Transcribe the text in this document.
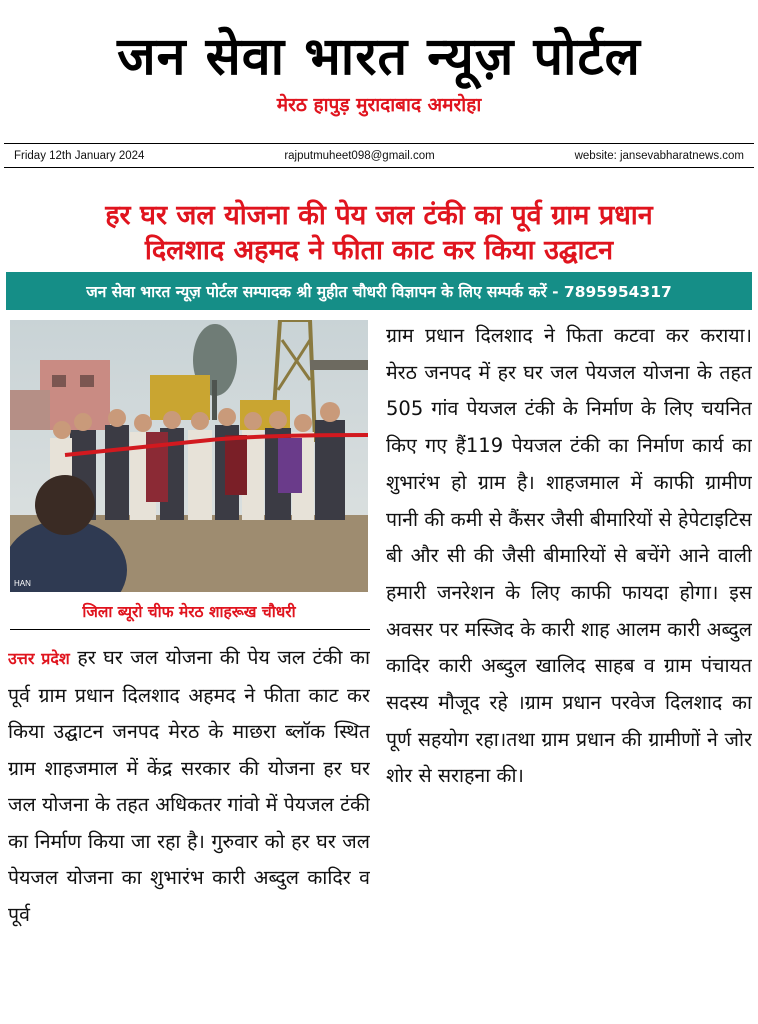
जन सेवा भारत न्यूज़ पोर्टल
मेरठ हापुड़ मुरादाबाद अमरोहा
Friday 12th January 2024	rajputmuheet098@gmail.com	website: jansevabharatnews.com
हर घर जल योजना की पेय जल टंकी का पूर्व ग्राम प्रधान
दिलशाद अहमद ने फीता काट कर किया उद्घाटन
जन सेवा भारत न्यूज़ पोर्टल सम्पादक श्री मुहीत चौधरी विज्ञापन के लिए सम्पर्क करें - 7895954317
HAN
जिला ब्यूरो चीफ मेरठ शाहरूख चौधरी
उत्तर प्रदेश हर घर जल योजना की पेय जल टंकी का पूर्व ग्राम प्रधान दिलशाद अहमद ने फीता काट कर किया उद्घाटन जनपद मेरठ के माछरा ब्लॉक स्थित ग्राम शाहजमाल में केंद्र सरकार की योजना हर घर जल योजना के तहत अधिकतर गांवो में पेयजल टंकी का निर्माण किया जा रहा है। गुरुवार को हर घर जल पेयजल योजना का शुभारंभ कारी अब्दुल कादिर व पूर्व
ग्राम प्रधान दिलशाद ने फिता कटवा कर कराया। मेरठ जनपद में हर घर जल पेयजल योजना के तहत 505 गांव पेयजल टंकी के निर्माण के लिए चयनित किए गए हैं119 पेयजल टंकी का निर्माण कार्य का शुभारंभ हो ग्राम है। शाहजमाल में काफी ग्रामीण पानी की कमी से कैंसर जैसी बीमारियों से हेपेटाइटिस बी और सी की जैसी बीमारियों से बचेंगे आने वाली हमारी जनरेशन के लिए काफी फायदा होगा। इस अवसर पर मस्जिद के कारी शाह आलम कारी अब्दुल कादिर कारी अब्दुल खालिद साहब व ग्राम पंचायत सदस्य मौजूद रहे ।ग्राम प्रधान परवेज दिलशाद का पूर्ण सहयोग रहा।तथा ग्राम प्रधान की ग्रामीणों ने जोर शोर से सराहना की।
